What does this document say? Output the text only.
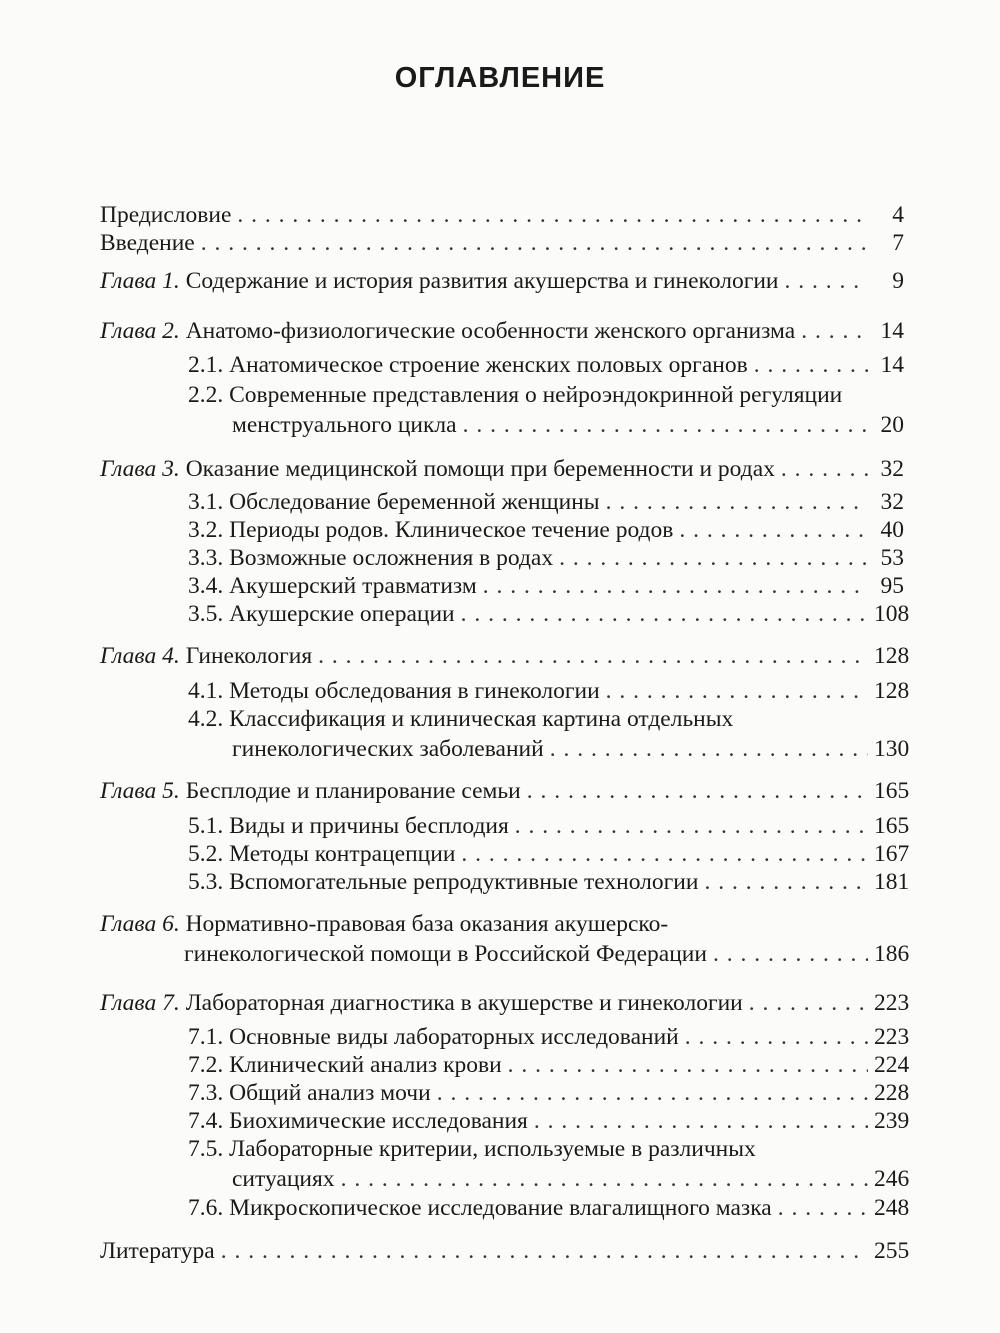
ОГЛАВЛЕНИЕ
Предисловие . . .	4
Введение . . .	7
Глава 1. Содержание и история развития акушерства и гинекологии . . .	9
Глава 2. Анатомо-физиологические особенности женского организма . . .	14
2.1. Анатомическое строение женских половых органов . . .	14
2.2. Современные представления о нейроэндокринной регуляции
менструального цикла . . .	20
Глава 3. Оказание медицинской помощи при беременности и родах . . .	32
3.1. Обследование беременной женщины . . .	32
3.2. Периоды родов. Клиническое течение родов . . .	40
3.3. Возможные осложнения в родах . . .	53
3.4. Акушерский травматизм . . .	95
3.5. Акушерские операции . . .	108
Глава 4. Гинекология . . .	128
4.1. Методы обследования в гинекологии . . .	128
4.2. Классификация и клиническая картина отдельных
гинекологических заболеваний . . .	130
Глава 5. Бесплодие и планирование семьи . . .	165
5.1. Виды и причины бесплодия . . .	165
5.2. Методы контрацепции . . .	167
5.3. Вспомогательные репродуктивные технологии . . .	181
Глава 6. Нормативно-правовая база оказания акушерско-
гинекологической помощи в Российской Федерации . . .	186
Глава 7. Лабораторная диагностика в акушерстве и гинекологии . . .	223
7.1. Основные виды лабораторных исследований . . .	223
7.2. Клинический анализ крови . . .	224
7.3. Общий анализ мочи . . .	228
7.4. Биохимические исследования . . .	239
7.5. Лабораторные критерии, используемые в различных
ситуациях . . .	246
7.6. Микроскопическое исследование влагалищного мазка . . .	248
Литература . . .	255
